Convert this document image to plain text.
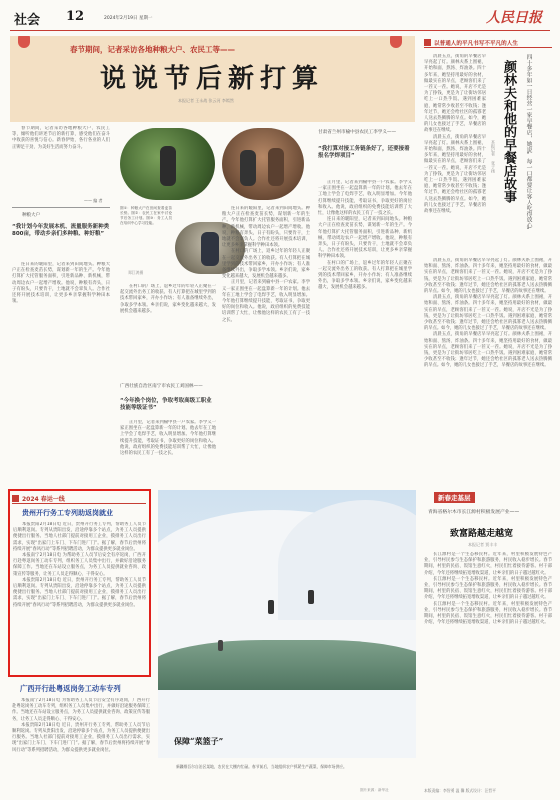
社会 12	2024年2月19日 星期一	人民日报
春节期间，记者采访各地种粮大户、农民工等——
说说节后新打算
本报记者 王永战 张云河 李嫣然

春节期间，记者采访各地种粮大户、农民工等，倾听他们讲述节后的新打算，感受他们在奋斗中收获的喜悦与信心。新春伊始，各行各业的人们正铆足干劲，为美好生活而努力奋斗。

—— 编 者
种粮大户
“我计划今年发展本机、流量服务新种类800亩，带动乡亲们多种粮、种好粮”

连日来的暖阳里，记者来到田间地头。种粮大户正在检查麦苗长势，谋划新一年的生产。今年他打算扩大托管服务面积，引进新品种、新机械，带动周边农户一起增产增收。他说，种粮有奔头，日子有盼头，只要肯干，土地就不会辜负人。合作社还将开展技术培训，让更多乡亲掌握科学种田本领。

图①：种粮大户在田间查看麦苗长势。图②：农民工在家中讨论节后务工计划。图③：务工人员在培训中心学习技能。
郑江鸿摄

在村口的广场上，返乡过年的年轻人正聚在一起交流外出务工的收获。有人打算把在城里学到的技术带回家乡，开办小作坊；有人准备继续外出，争取多学本领。乡亲们说，家乡变化越来越大，发展机会越来越多。

广西壮族自治区南宁市农民工刘国林——
“今年换个岗位，争取考取高级工职业技能等级证书”

正月里，记者来到榆中县一户农家。李学义一家正围坐在一起盘算新一年的计划。他去年在工地上学会了电焊手艺，收入明显增加。今年他打算继续提升技能，考取证书，争取更好的岗位和收入。他说，政府组织的免费技能培训帮了大忙，让像他这样的农民工有了一技之长。

连日来的暖阳里，记者来到田间地头。种粮大户正在检查麦苗长势，谋划新一年的生产。今年他打算扩大托管服务面积，引进新品种、新机械，带动周边农户一起增产增收。他说，种粮有奔头，日子有盼头，只要肯干，土地就不会辜负人。合作社还将开展技术培训，让更多乡亲掌握科学种田本领。

在村口的广场上，返乡过年的年轻人正聚在一起交流外出务工的收获。有人打算把在城里学到的技术带回家乡，开办小作坊；有人准备继续外出，争取多学本领。乡亲们说，家乡变化越来越大，发展机会越来越多。

正月里，记者来到榆中县一户农家。李学义一家正围坐在一起盘算新一年的计划。他去年在工地上学会了电焊手艺，收入明显增加。今年他打算继续提升技能，考取证书，争取更好的岗位和收入。他说，政府组织的免费技能培训帮了大忙，让像他这样的农民工有了一技之长。

甘肃省兰州市榆中县农民工李学义——
“我打算对接工务链条好了，还要接着报名学焊项目”

正月里，记者来到榆中县一户农家。李学义一家正围坐在一起盘算新一年的计划。他去年在工地上学会了电焊手艺，收入明显增加。今年他打算继续提升技能，考取证书，争取更好的岗位和收入。他说，政府组织的免费技能培训帮了大忙，让像他这样的农民工有了一技之长。

连日来的暖阳里，记者来到田间地头。种粮大户正在检查麦苗长势，谋划新一年的生产。今年他打算扩大托管服务面积，引进新品种、新机械，带动周边农户一起增产增收。他说，种粮有奔头，日子有盼头，只要肯干，土地就不会辜负人。合作社还将开展技术培训，让更多乡亲掌握科学种田本领。

在村口的广场上，返乡过年的年轻人正聚在一起交流外出务工的收获。有人打算把在城里学到的技术带回家乡，开办小作坊；有人准备继续外出，争取多学本领。乡亲们说，家乡变化越来越大，发展机会越来越多。

以普通人的平凡书写不平凡的人生
四十多年如一日经营一家早餐店，她说“每一口都要让客人吃得放心”
颜林夫和他的早餐店故事
本报记者 张子扬

清晨五点，街角的早餐店早早亮起了灯。颜林夫系上围裙，开始和面、熬汤、炸油条。四十多年来，她坚持用最好的食材，做最实在的早点，老顾客们来了一茬又一茬。她说，开店不光是为了挣钱，更是为了让街坊邻居吃上一口热乎饭。遇到困难家庭，她常常少收甚至不收钱；逢年过节，她还会给社区的孤寡老人送去热腾腾的早点。如今，她的儿女也接过了手艺，早餐店的故事还在继续。

清晨五点，街角的早餐店早早亮起了灯。颜林夫系上围裙，开始和面、熬汤、炸油条。四十多年来，她坚持用最好的食材，做最实在的早点，老顾客们来了一茬又一茬。她说，开店不光是为了挣钱，更是为了让街坊邻居吃上一口热乎饭。遇到困难家庭，她常常少收甚至不收钱；逢年过节，她还会给社区的孤寡老人送去热腾腾的早点。如今，她的儿女也接过了手艺，早餐店的故事还在继续。

清晨五点，街角的早餐店早早亮起了灯。颜林夫系上围裙，开始和面、熬汤、炸油条。四十多年来，她坚持用最好的食材，做最实在的早点，老顾客们来了一茬又一茬。她说，开店不光是为了挣钱，更是为了让街坊邻居吃上一口热乎饭。遇到困难家庭，她常常少收甚至不收钱；逢年过节，她还会给社区的孤寡老人送去热腾腾的早点。如今，她的儿女也接过了手艺，早餐店的故事还在继续。

清晨五点，街角的早餐店早早亮起了灯。颜林夫系上围裙，开始和面、熬汤、炸油条。四十多年来，她坚持用最好的食材，做最实在的早点，老顾客们来了一茬又一茬。她说，开店不光是为了挣钱，更是为了让街坊邻居吃上一口热乎饭。遇到困难家庭，她常常少收甚至不收钱；逢年过节，她还会给社区的孤寡老人送去热腾腾的早点。如今，她的儿女也接过了手艺，早餐店的故事还在继续。

清晨五点，街角的早餐店早早亮起了灯。颜林夫系上围裙，开始和面、熬汤、炸油条。四十多年来，她坚持用最好的食材，做最实在的早点，老顾客们来了一茬又一茬。她说，开店不光是为了挣钱，更是为了让街坊邻居吃上一口热乎饭。遇到困难家庭，她常常少收甚至不收钱；逢年过节，她还会给社区的孤寡老人送去热腾腾的早点。如今，她的儿女也接过了手艺，早餐店的故事还在继续。

2024 春运一线
贵州开行务工专列助返岗就业

本报贵阳2月18日电 近日，贵州开行务工专列，帮助务工人员节后顺利返岗。专列从贵阳出发，沿途停靠多个站点，为务工人员提供便捷出行服务。当地人社部门提前对接用工企业，摸排务工人员出行需求，实现“出家门上车门、下车门进厂门”。据了解，春节后贵州将持续开展“春风行动”等系列招聘活动，为群众提供更多就业岗位。

本报南宁2月18日电 为帮助务工人员节后安全有序返岗，广西开行赴粤返岗务工动车专列，组织务工人员集中出行，并做好沿途服务保障工作。当地还在车站设立服务点，为务工人员提供就业咨询、政策宣传等服务，让务工人员走得顺心、干得安心。

本报贵阳2月18日电 近日，贵州开行务工专列，帮助务工人员节后顺利返岗。专列从贵阳出发，沿途停靠多个站点，为务工人员提供便捷出行服务。当地人社部门提前对接用工企业，摸排务工人员出行需求，实现“出家门上车门、下车门进厂门”。据了解，春节后贵州将持续开展“春风行动”等系列招聘活动，为群众提供更多就业岗位。

广西开行赴粤返岗务工动车专列

本报南宁2月18日电 为帮助务工人员节后安全有序返岗，广西开行赴粤返岗务工动车专列，组织务工人员集中出行，并做好沿途服务保障工作。当地还在车站设立服务点，为务工人员提供就业咨询、政策宣传等服务，让务工人员走得顺心、干得安心。

本报贵阳2月18日电 近日，贵州开行务工专列，帮助务工人员节后顺利返岗。专列从贵阳出发，沿途停靠多个站点，为务工人员提供便捷出行服务。当地人社部门提前对接用工企业，摸排务工人员出行需求，实现“出家门上车门、下车门进厂门”。据了解，春节后贵州将持续开展“春风行动”等系列招聘活动，为群众提供更多就业岗位。

保障“菜篮子”
新疆维吾尔自治区某地，农民在大棚内忙碌。春节前后，当地组织农户抓紧生产蔬菜，保障市场供应。
图片来源：新华社
新春走基层
青海省格尔木市长江源村积极发展产业——
致富路越走越宽
本报记者 贾丰丰

长江源村是一个生态移民村。近年来，村里积极发展特色产业，引导村民参与生态保护和旅游服务，村民收入稳步增长。春节期间，村里的民宿、饭馆生意红火，村民们忙着接待游客。村干部介绍，今年还将继续拓宽增收渠道，让乡亲们的日子越过越红火。

长江源村是一个生态移民村。近年来，村里积极发展特色产业，引导村民参与生态保护和旅游服务，村民收入稳步增长。春节期间，村里的民宿、饭馆生意红火，村民们忙着接待游客。村干部介绍，今年还将继续拓宽增收渠道，让乡亲们的日子越过越红火。

长江源村是一个生态移民村。近年来，村里积极发展特色产业，引导村民参与生态保护和旅游服务，村民收入稳步增长。春节期间，村里的民宿、饭馆生意红火，村民们忙着接待游客。村干部介绍，今年还将继续拓宽增收渠道，让乡亲们的日子越过越红火。

本版责编：李智勇 温 馨 版式设计：汪哲平
